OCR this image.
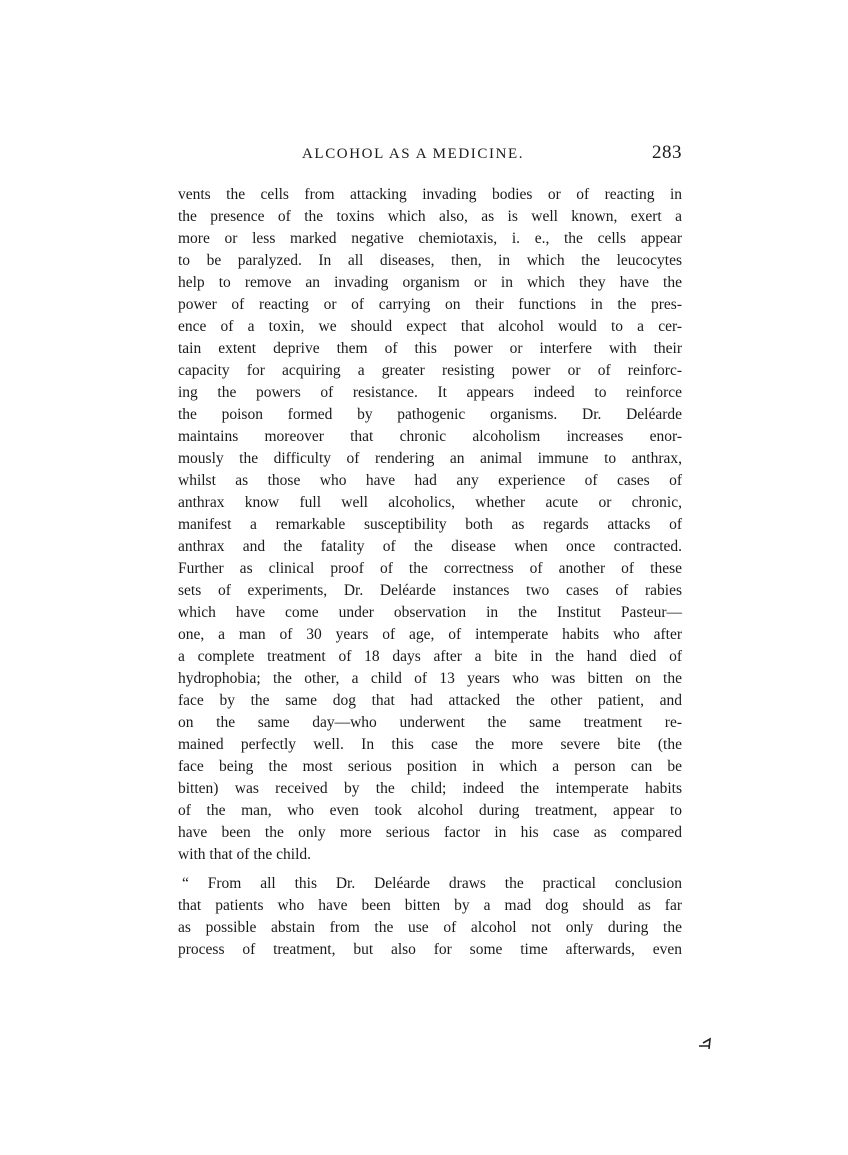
ALCOHOL AS A MEDICINE.	283
vents the cells from attacking invading bodies or of reacting in
the presence of the toxins which also, as is well known, exert a
more or less marked negative chemiotaxis, i. e., the cells appear
to be paralyzed. In all diseases, then, in which the leucocytes
help to remove an invading organism or in which they have the
power of reacting or of carrying on their functions in the pres-
ence of a toxin, we should expect that alcohol would to a cer-
tain extent deprive them of this power or interfere with their
capacity for acquiring a greater resisting power or of reinforc-
ing the powers of resistance. It appears indeed to reinforce
the poison formed by pathogenic organisms. Dr. Deléarde
maintains moreover that chronic alcoholism increases enor-
mously the difficulty of rendering an animal immune to anthrax,
whilst as those who have had any experience of cases of
anthrax know full well alcoholics, whether acute or chronic,
manifest a remarkable susceptibility both as regards attacks of
anthrax and the fatality of the disease when once contracted.
Further as clinical proof of the correctness of another of these
sets of experiments, Dr. Deléarde instances two cases of rabies
which have come under observation in the Institut Pasteur—
one, a man of 30 years of age, of intemperate habits who after
a complete treatment of 18 days after a bite in the hand died of
hydrophobia; the other, a child of 13 years who was bitten on the
face by the same dog that had attacked the other patient, and
on the same day—who underwent the same treatment re-
mained perfectly well. In this case the more severe bite (the
face being the most serious position in which a person can be
bitten) was received by the child; indeed the intemperate habits
of the man, who even took alcohol during treatment, appear to
have been the only more serious factor in his case as compared
with that of the child.
“ From all this Dr. Deléarde draws the practical conclusion
that patients who have been bitten by a mad dog should as far
as possible abstain from the use of alcohol not only during the
process of treatment, but also for some time afterwards, even
